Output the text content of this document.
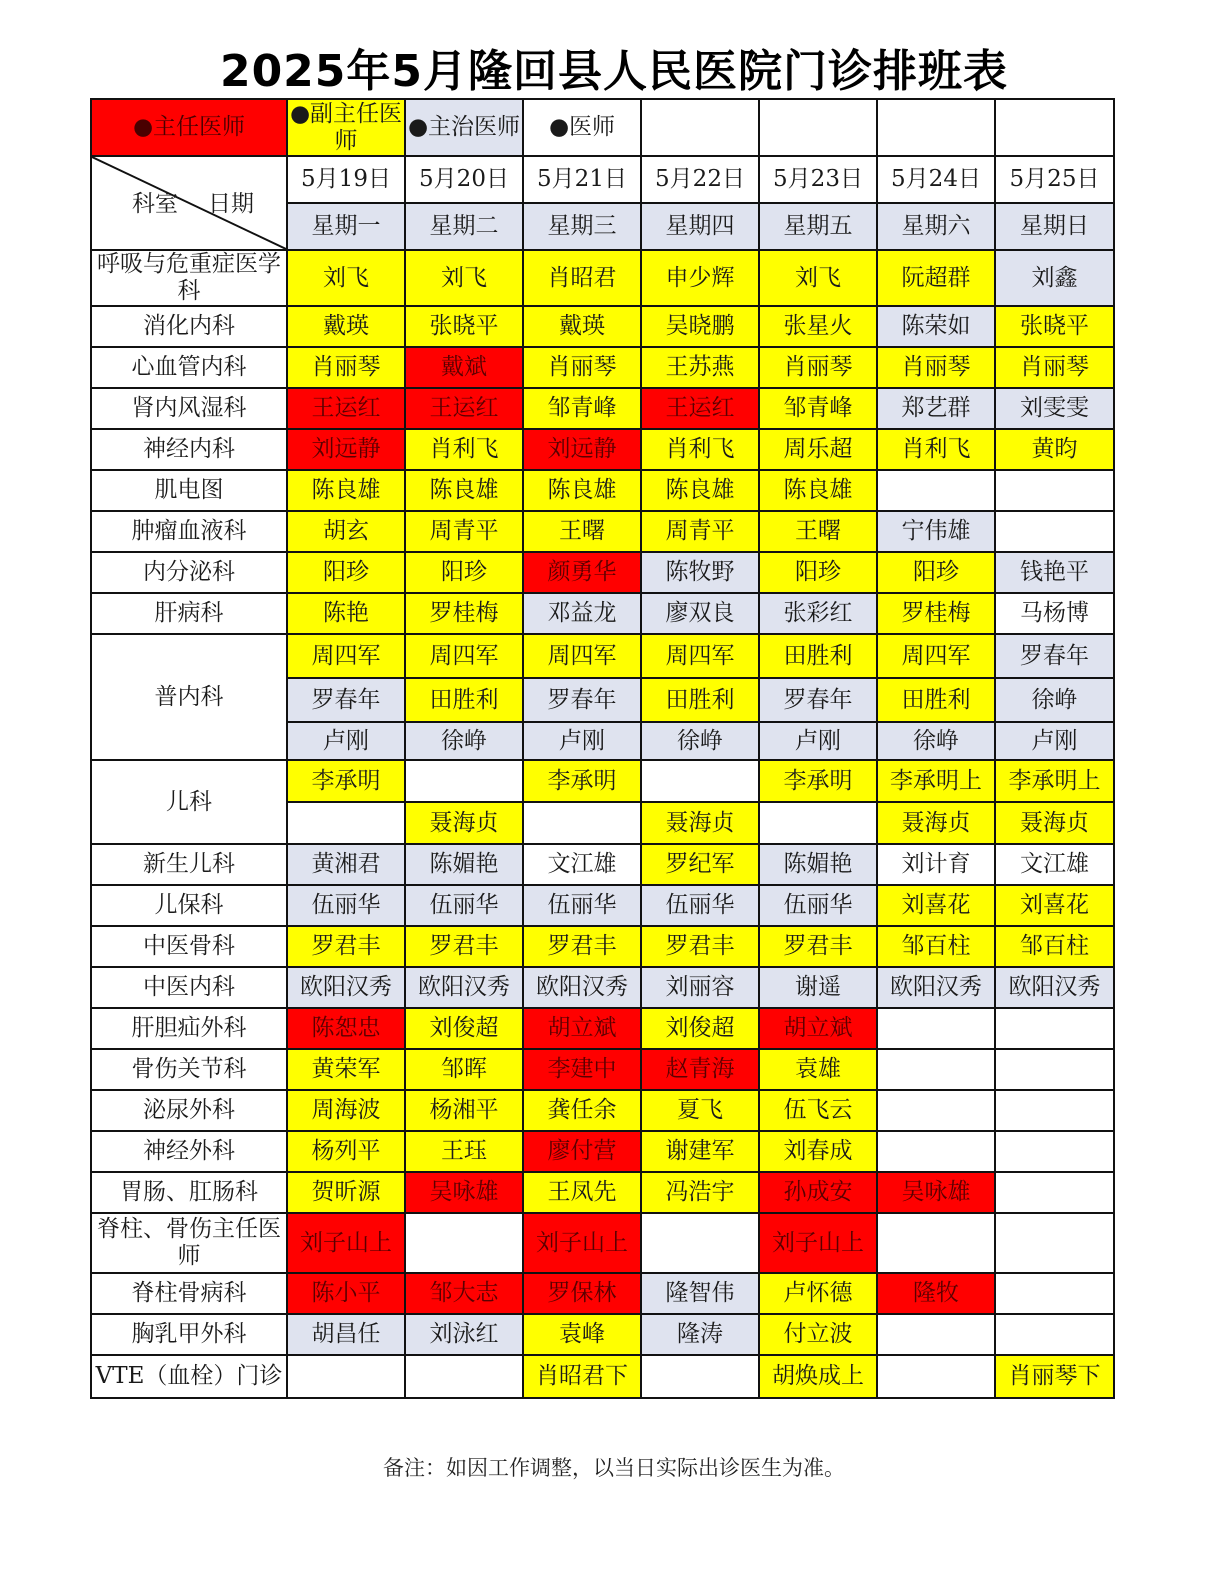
2025年5月隆回县人民医院门诊排班表
●主任医师	●副主任医师	●主治医师	●医师				

科室 日期	5月19日	5月20日	5月21日	5月22日	5月23日	5月24日	5月25日
	星期一	星期二	星期三	星期四	星期五	星期六	星期日
呼吸与危重症医学科	刘飞	刘飞	肖昭君	申少辉	刘飞	阮超群	刘鑫
消化内科	戴瑛	张晓平	戴瑛	吴晓鹏	张星火	陈荣如	张晓平
心血管内科	肖丽琴	戴斌	肖丽琴	王苏燕	肖丽琴	肖丽琴	肖丽琴
肾内风湿科	王运红	王运红	邹青峰	王运红	邹青峰	郑艺群	刘雯雯
神经内科	刘远静	肖利飞	刘远静	肖利飞	周乐超	肖利飞	黄昀
肌电图	陈良雄	陈良雄	陈良雄	陈良雄	陈良雄		
肿瘤血液科	胡玄	周青平	王曙	周青平	王曙	宁伟雄	
内分泌科	阳珍	阳珍	颜勇华	陈牧野	阳珍	阳珍	钱艳平
肝病科	陈艳	罗桂梅	邓益龙	廖双良	张彩红	罗桂梅	马杨博
普内科	周四军	周四军	周四军	周四军	田胜利	周四军	罗春年
	罗春年	田胜利	罗春年	田胜利	罗春年	田胜利	徐峥
	卢刚	徐峥	卢刚	徐峥	卢刚	徐峥	卢刚
儿科	李承明		李承明		李承明	李承明上	李承明上
		聂海贞		聂海贞		聂海贞	聂海贞
新生儿科	黄湘君	陈媚艳	文江雄	罗纪军	陈媚艳	刘计育	文江雄
儿保科	伍丽华	伍丽华	伍丽华	伍丽华	伍丽华	刘喜花	刘喜花
中医骨科	罗君丰	罗君丰	罗君丰	罗君丰	罗君丰	邹百柱	邹百柱
中医内科	欧阳汉秀	欧阳汉秀	欧阳汉秀	刘丽容	谢遥	欧阳汉秀	欧阳汉秀
肝胆疝外科	陈恕忠	刘俊超	胡立斌	刘俊超	胡立斌		
骨伤关节科	黄荣军	邹晖	李建中	赵青海	袁雄		
泌尿外科	周海波	杨湘平	龚任余	夏飞	伍飞云		
神经外科	杨列平	王珏	廖付营	谢建军	刘春成		
胃肠、肛肠科	贺昕源	吴咏雄	王凤先	冯浩宇	孙成安	吴咏雄	
脊柱、骨伤主任医师	刘子山上		刘子山上		刘子山上		
脊柱骨病科	陈小平	邹大志	罗保林	隆智伟	卢怀德	隆牧	
胸乳甲外科	胡昌任	刘泳红	袁峰	隆涛	付立波		
VTE（血栓）门诊			肖昭君下		胡焕成上		肖丽琴下
备注：如因工作调整，以当日实际出诊医生为准。
